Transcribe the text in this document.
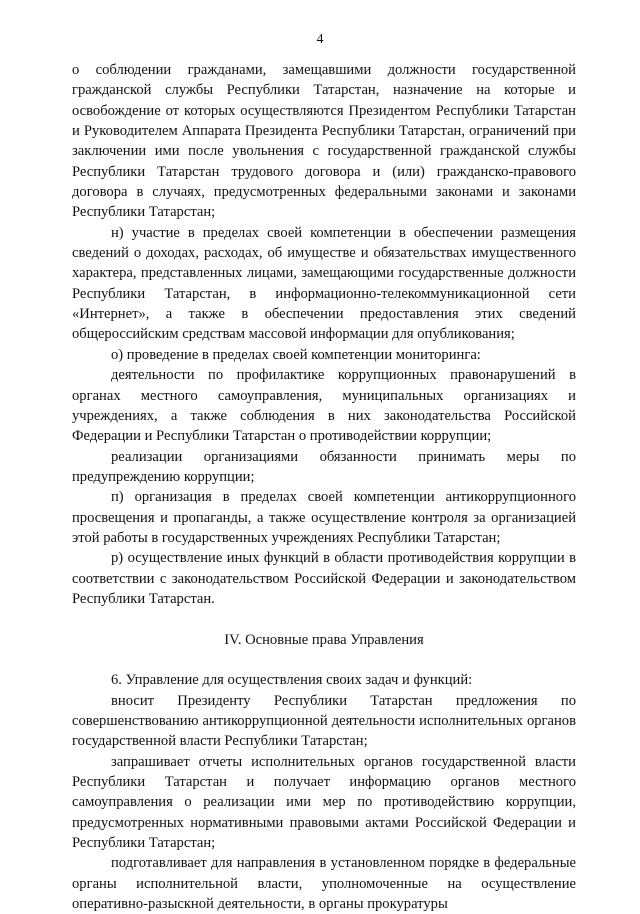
4

о соблюдении гражданами, замещавшими должности государственной гражданской службы Республики Татарстан, назначение на которые и освобождение от которых осуществляются Президентом Республики Татарстан и Руководителем Аппарата Президента Республики Татарстан, ограничений при заключении ими после увольнения с государственной гражданской службы Республики Татарстан трудового договора и (или) гражданско-правового договора в случаях, предусмотренных федеральными законами и законами Республики Татарстан;

н) участие в пределах своей компетенции в обеспечении размещения сведений о доходах, расходах, об имуществе и обязательствах имущественного характера, представленных лицами, замещающими государственные должности Республики Татарстан, в информационно-телекоммуникационной сети «Интернет», а также в обеспечении предоставления этих сведений общероссийским средствам массовой информации для опубликования;

о) проведение в пределах своей компетенции мониторинга:

деятельности по профилактике коррупционных правонарушений в органах местного самоуправления, муниципальных организациях и учреждениях, а также соблюдения в них законодательства Российской Федерации и Республики Татарстан о противодействии коррупции;

реализации организациями обязанности принимать меры по предупреждению коррупции;

п) организация в пределах своей компетенции антикоррупционного просвещения и пропаганды, а также осуществление контроля за организацией этой работы в государственных учреждениях Республики Татарстан;

р) осуществление иных функций в области противодействия коррупции в соответствии с законодательством Российской Федерации и законодательством Республики Татарстан.

IV. Основные права Управления

6. Управление для осуществления своих задач и функций:

вносит Президенту Республики Татарстан предложения по совершенствованию антикоррупционной деятельности исполнительных органов государственной власти Республики Татарстан;

запрашивает отчеты исполнительных органов государственной власти Республики Татарстан и получает информацию органов местного самоуправления о реализации ими мер по противодействию коррупции, предусмотренных нормативными правовыми актами Российской Федерации и Республики Татарстан;

подготавливает для направления в установленном порядке в федеральные органы исполнительной власти, уполномоченные на осуществление оперативно-разыскной деятельности, в органы прокуратуры
